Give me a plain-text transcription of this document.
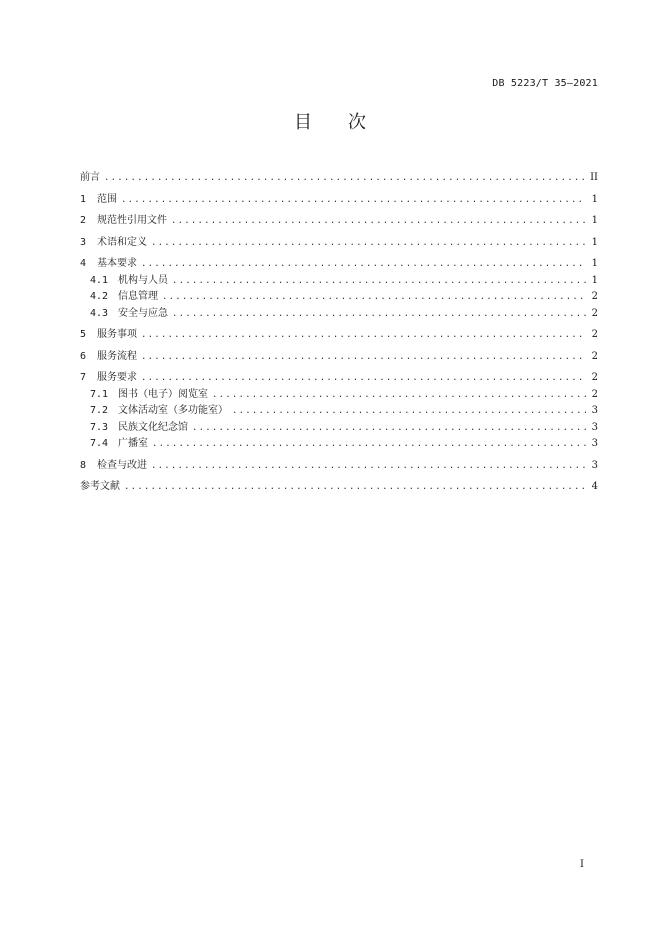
DB 5223/T 35—2021
目 次
前言 .....	II
1	范围 .....	1
2	规范性引用文件 .....	1
3	术语和定义 .....	1
4	基本要求 .....	1
4.1 机构与人员 .....	1
4.2 信息管理 .....	2
4.3 安全与应急 .....	2
5	服务事项 .....	2
6	服务流程 .....	2
7	服务要求 .....	2
7.1 图书（电子）阅览室 .....	2
7.2 文体活动室（多功能室） .....	3
7.3 民族文化纪念馆 .....	3
7.4 广播室 .....	3
8	检查与改进 .....	3
参考文献 .....	4
I
